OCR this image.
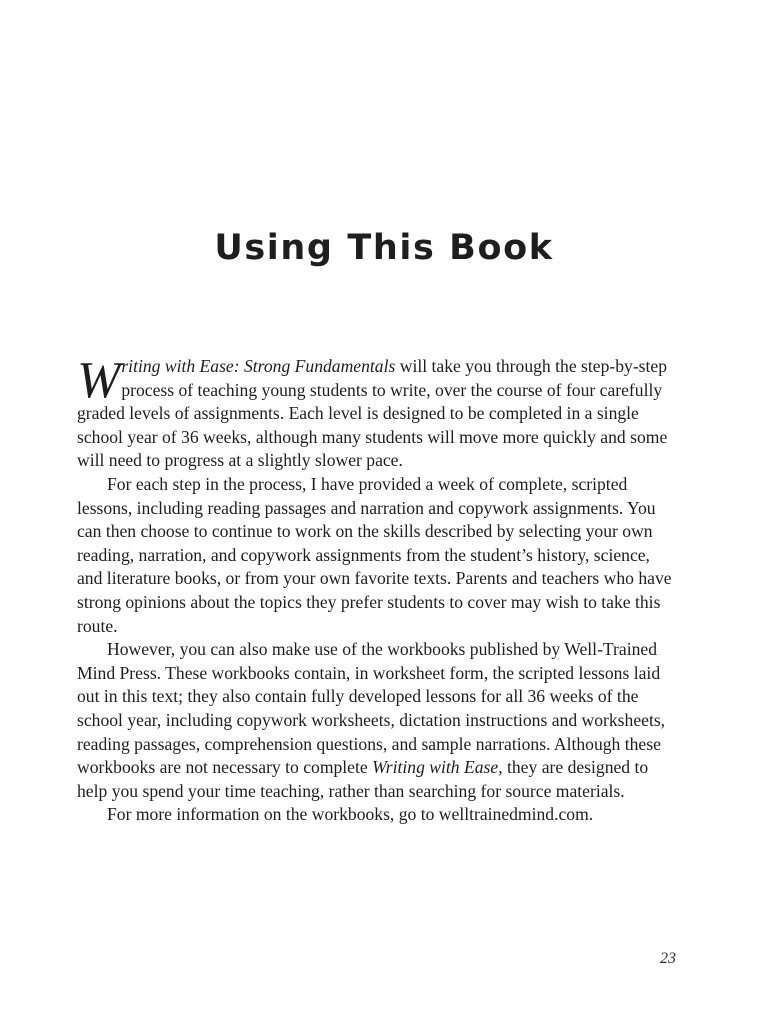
Using This Book

Writing with Ease: Strong Fundamentals will take you through the step-by-step process of teaching young students to write, over the course of four carefully graded levels of assignments. Each level is designed to be completed in a single school year of 36 weeks, although many students will move more quickly and some will need to progress at a slightly slower pace.

For each step in the process, I have provided a week of complete, scripted lessons, including reading passages and narration and copywork assignments. You can then choose to continue to work on the skills described by selecting your own reading, narration, and copywork assignments from the student’s history, science, and literature books, or from your own favorite texts. Parents and teachers who have strong opinions about the topics they prefer students to cover may wish to take this route.

However, you can also make use of the workbooks published by Well-Trained Mind Press. These workbooks contain, in worksheet form, the scripted lessons laid out in this text; they also contain fully developed lessons for all 36 weeks of the school year, including copywork worksheets, dictation instructions and worksheets, reading passages, comprehension questions, and sample narrations. Although these workbooks are not necessary to complete Writing with Ease, they are designed to help you spend your time teaching, rather than searching for source materials.

For more information on the workbooks, go to welltrainedmind.com.

23
